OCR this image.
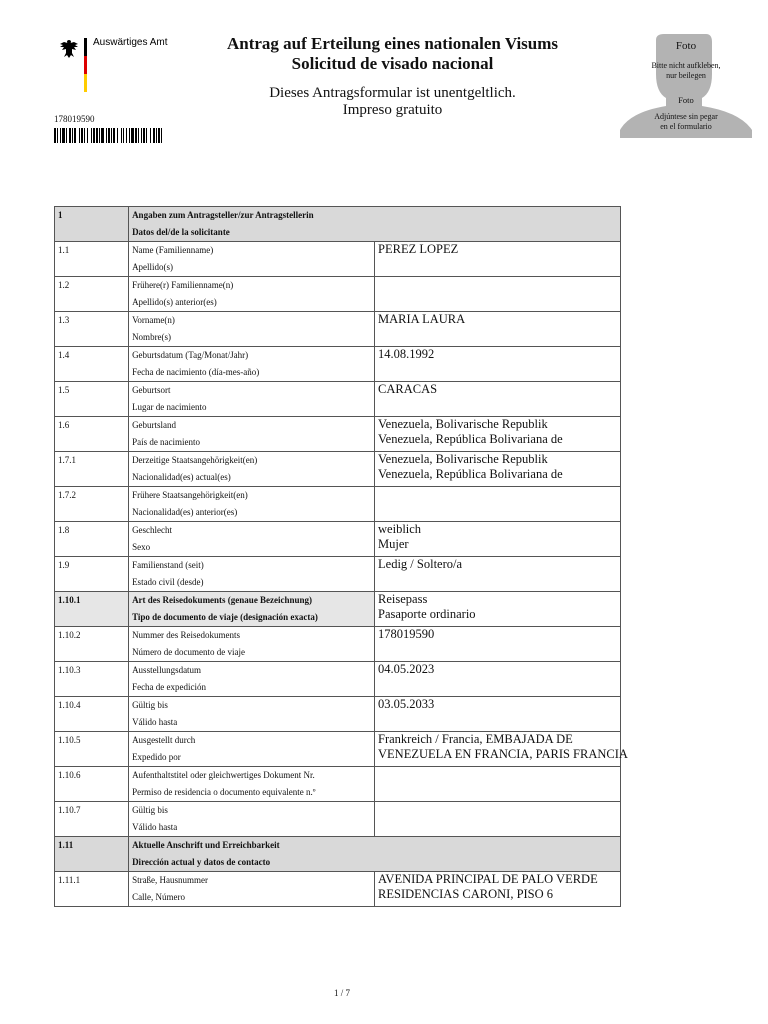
Auswärtiges Amt	Antrag auf Erteilung eines nationalen Visums
Solicitud de visado nacional
Dieses Antragsformular ist unentgeltlich.
Impreso gratuito
Foto
Bitte nicht aufkleben,
nur beilegen
Foto
Adjúntese sin pegar
en el formulario
178019590
1	Angaben zum Antragsteller/zur Antragstellerin
Datos del/de la solicitante	

1.1	Name (Familienname)
Apellido(s)	PEREZ LOPEZ

1.2	Frühere(r) Familienname(n)
Apellido(s) anterior(es)	

1.3	Vorname(n)
Nombre(s)	MARIA LAURA

1.4	Geburtsdatum (Tag/Monat/Jahr)
Fecha de nacimiento (día-mes-año)	14.08.1992

1.5	Geburtsort
Lugar de nacimiento	CARACAS

1.6	Geburtsland
País de nacimiento	Venezuela, Bolivarische Republik
Venezuela, República Bolivariana de

1.7.1	Derzeitige Staatsangehörigkeit(en)
Nacionalidad(es) actual(es)	Venezuela, Bolivarische Republik
Venezuela, República Bolivariana de

1.7.2	Frühere Staatsangehörigkeit(en)
Nacionalidad(es) anterior(es)	

1.8	Geschlecht
Sexo	weiblich
Mujer

1.9	Familienstand (seit)
Estado civil (desde)	Ledig / Soltero/a

1.10.1	Art des Reisedokuments (genaue Bezeichnung)
Tipo de documento de viaje (designación exacta)	Reisepass
Pasaporte ordinario

1.10.2	Nummer des Reisedokuments
Número de documento de viaje	178019590

1.10.3	Ausstellungsdatum
Fecha de expedición	04.05.2023

1.10.4	Gültig bis
Válido hasta	03.05.2033

1.10.5	Ausgestellt durch
Expedido por	Frankreich / Francia, EMBAJADA DE
VENEZUELA EN FRANCIA, PARIS FRANCIA

1.10.6	Aufenthaltstitel oder gleichwertiges Dokument Nr.
Permiso de residencia o documento equivalente n.º	

1.10.7	Gültig bis
Válido hasta	

1.11	Aktuelle Anschrift und Erreichbarkeit
Dirección actual y datos de contacto	

1.11.1	Straße, Hausnummer
Calle, Número	AVENIDA PRINCIPAL DE PALO VERDE
RESIDENCIAS CARONI, PISO 6
1 / 7
